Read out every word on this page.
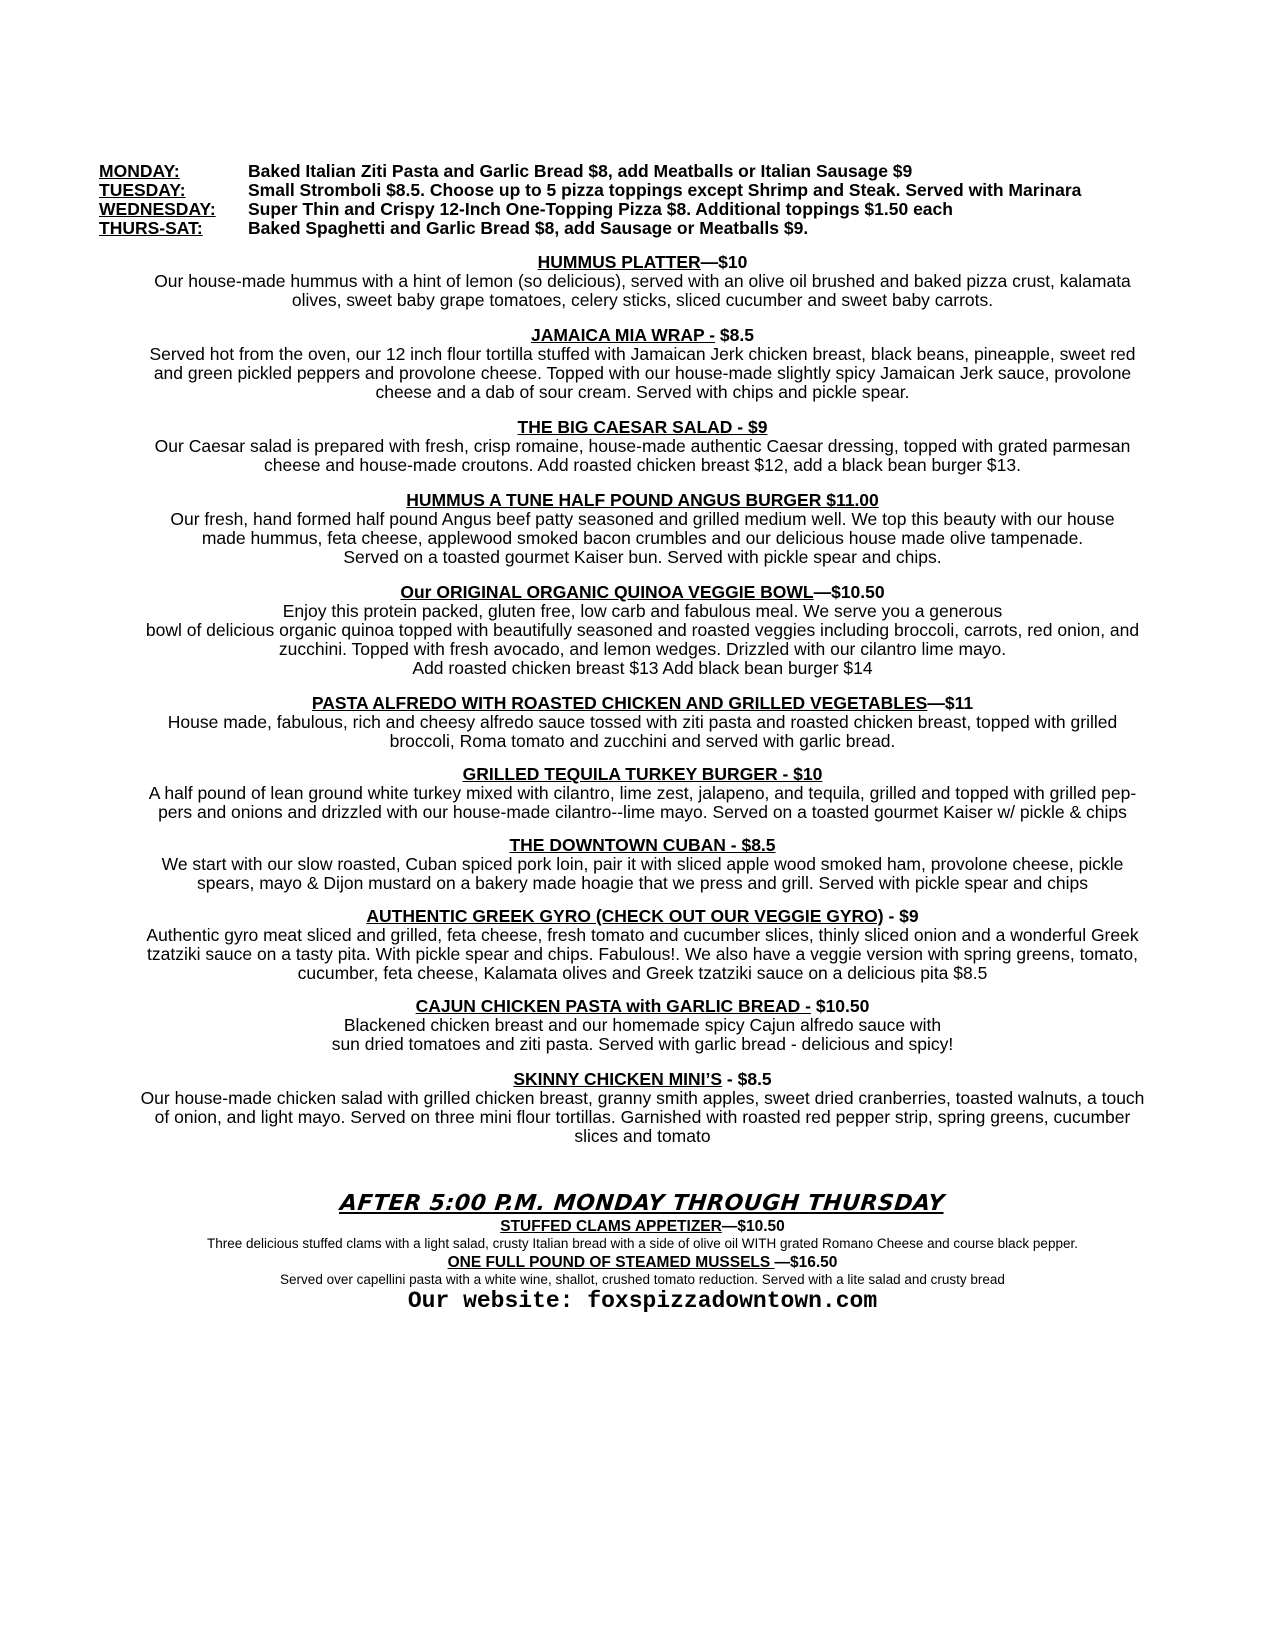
MONDAY:	Baked Italian Ziti Pasta and Garlic Bread $8, add Meatballs or Italian Sausage $9
TUESDAY:	Small Stromboli $8.5. Choose up to 5 pizza toppings except Shrimp and Steak. Served with Marinara
WEDNESDAY:	Super Thin and Crispy 12-Inch One-Topping Pizza $8. Additional toppings $1.50 each
THURS-SAT:	Baked Spaghetti and Garlic Bread $8, add Sausage or Meatballs $9.
HUMMUS PLATTER—$10
Our house-made hummus with a hint of lemon (so delicious), served with an olive oil brushed and baked pizza crust, kalamata
olives, sweet baby grape tomatoes, celery sticks, sliced cucumber and sweet baby carrots.
JAMAICA MIA WRAP - $8.5
Served hot from the oven, our 12 inch flour tortilla stuffed with Jamaican Jerk chicken breast, black beans, pineapple, sweet red
and green pickled peppers and provolone cheese. Topped with our house-made slightly spicy Jamaican Jerk sauce, provolone
cheese and a dab of sour cream. Served with chips and pickle spear.
THE BIG CAESAR SALAD - $9
Our Caesar salad is prepared with fresh, crisp romaine, house-made authentic Caesar dressing, topped with grated parmesan
cheese and house-made croutons. Add roasted chicken breast $12, add a black bean burger $13.
HUMMUS A TUNE HALF POUND ANGUS BURGER $11.00
Our fresh, hand formed half pound Angus beef patty seasoned and grilled medium well. We top this beauty with our house
made hummus, feta cheese, applewood smoked bacon crumbles and our delicious house made olive tampenade.
Served on a toasted gourmet Kaiser bun. Served with pickle spear and chips.
Our ORIGINAL ORGANIC QUINOA VEGGIE BOWL—$10.50
Enjoy this protein packed, gluten free, low carb and fabulous meal. We serve you a generous
bowl of delicious organic quinoa topped with beautifully seasoned and roasted veggies including broccoli, carrots, red onion, and
zucchini. Topped with fresh avocado, and lemon wedges. Drizzled with our cilantro lime mayo.
Add roasted chicken breast $13 Add black bean burger $14
PASTA ALFREDO WITH ROASTED CHICKEN AND GRILLED VEGETABLES—$11
House made, fabulous, rich and cheesy alfredo sauce tossed with ziti pasta and roasted chicken breast, topped with grilled
broccoli, Roma tomato and zucchini and served with garlic bread.
GRILLED TEQUILA TURKEY BURGER - $10
A half pound of lean ground white turkey mixed with cilantro, lime zest, jalapeno, and tequila, grilled and topped with grilled pep-
pers and onions and drizzled with our house-made cilantro--lime mayo. Served on a toasted gourmet Kaiser w/ pickle & chips
THE DOWNTOWN CUBAN - $8.5
We start with our slow roasted, Cuban spiced pork loin, pair it with sliced apple wood smoked ham, provolone cheese, pickle
spears, mayo & Dijon mustard on a bakery made hoagie that we press and grill. Served with pickle spear and chips
AUTHENTIC GREEK GYRO (CHECK OUT OUR VEGGIE GYRO) - $9
Authentic gyro meat sliced and grilled, feta cheese, fresh tomato and cucumber slices, thinly sliced onion and a wonderful Greek
tzatziki sauce on a tasty pita. With pickle spear and chips. Fabulous!. We also have a veggie version with spring greens, tomato,
cucumber, feta cheese, Kalamata olives and Greek tzatziki sauce on a delicious pita $8.5
CAJUN CHICKEN PASTA with GARLIC BREAD - $10.50
Blackened chicken breast and our homemade spicy Cajun alfredo sauce with
sun dried tomatoes and ziti pasta. Served with garlic bread - delicious and spicy!
SKINNY CHICKEN MINI’S - $8.5
Our house-made chicken salad with grilled chicken breast, granny smith apples, sweet dried cranberries, toasted walnuts, a touch
of onion, and light mayo. Served on three mini flour tortillas. Garnished with roasted red pepper strip, spring greens, cucumber
slices and tomato
AFTER 5:00 P.M. MONDAY THROUGH THURSDAY
STUFFED CLAMS APPETIZER—$10.50
Three delicious stuffed clams with a light salad, crusty Italian bread with a side of olive oil WITH grated Romano Cheese and course black pepper.
ONE FULL POUND OF STEAMED MUSSELS —$16.50
Served over capellini pasta with a white wine, shallot, crushed tomato reduction. Served with a lite salad and crusty bread
Our website: foxspizzadowntown.com
